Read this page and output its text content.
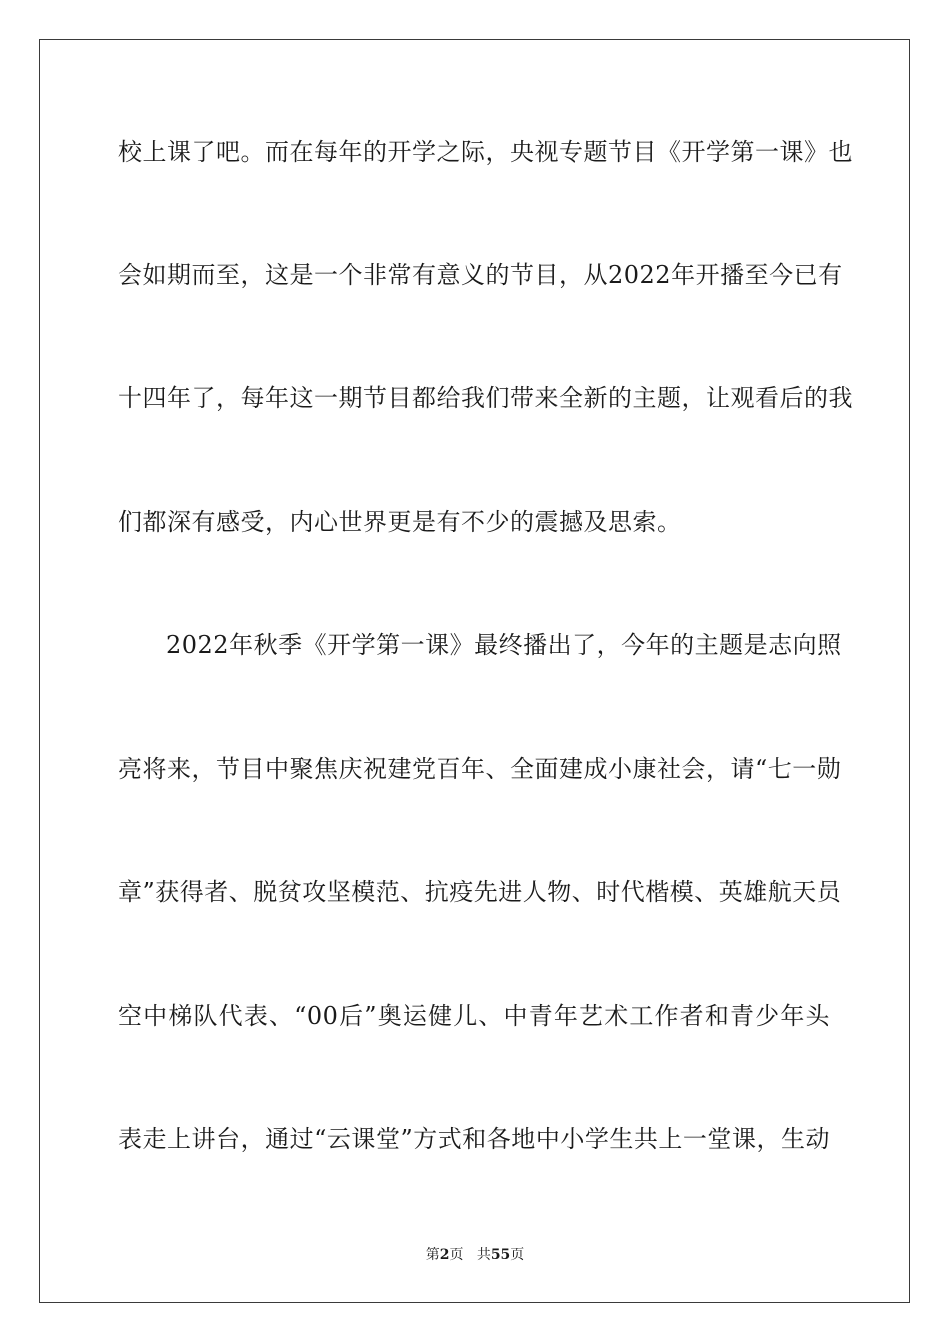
校上课了吧。而在每年的开学之际，央视专题节目《开学第一课》也
会如期而至，这是一个非常有意义的节目，从2022年开播至今已有
十四年了，每年这一期节目都给我们带来全新的主题，让观看后的我
们都深有感受，内心世界更是有不少的震撼及思索。
2022年秋季《开学第一课》最终播出了，今年的主题是志向照
亮将来，节目中聚焦庆祝建党百年、全面建成小康社会，请“七一勋
章”获得者、脱贫攻坚模范、抗疫先进人物、时代楷模、英雄航天员
空中梯队代表、“00后”奥运健儿、中青年艺术工作者和青少年头
表走上讲台，通过“云课堂”方式和各地中小学生共上一堂课，生动
第2页 共55页
